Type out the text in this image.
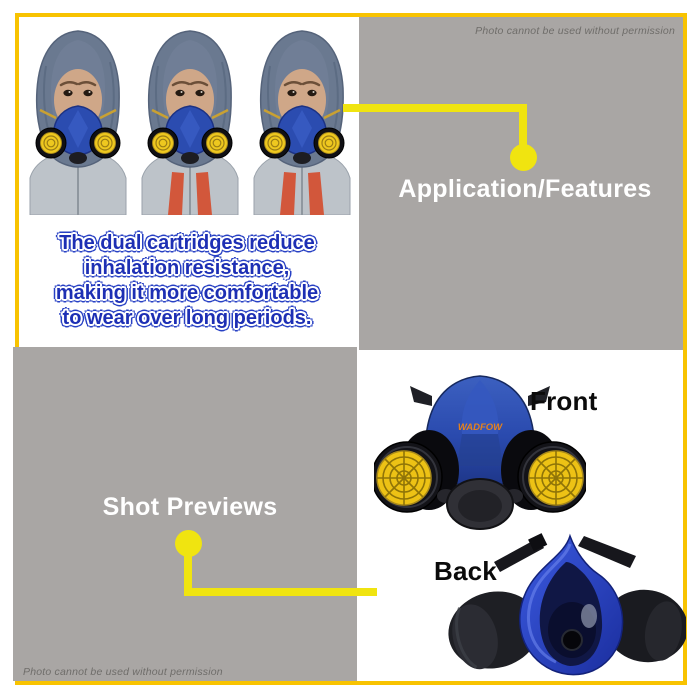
The dual cartridges reduce
inhalation resistance,
making it more comfortable
to wear over long periods.
Photo cannot be used without permission
Photo cannot be used without permission
Application/Features
Shot Previews
WADFOW
Front
Back
